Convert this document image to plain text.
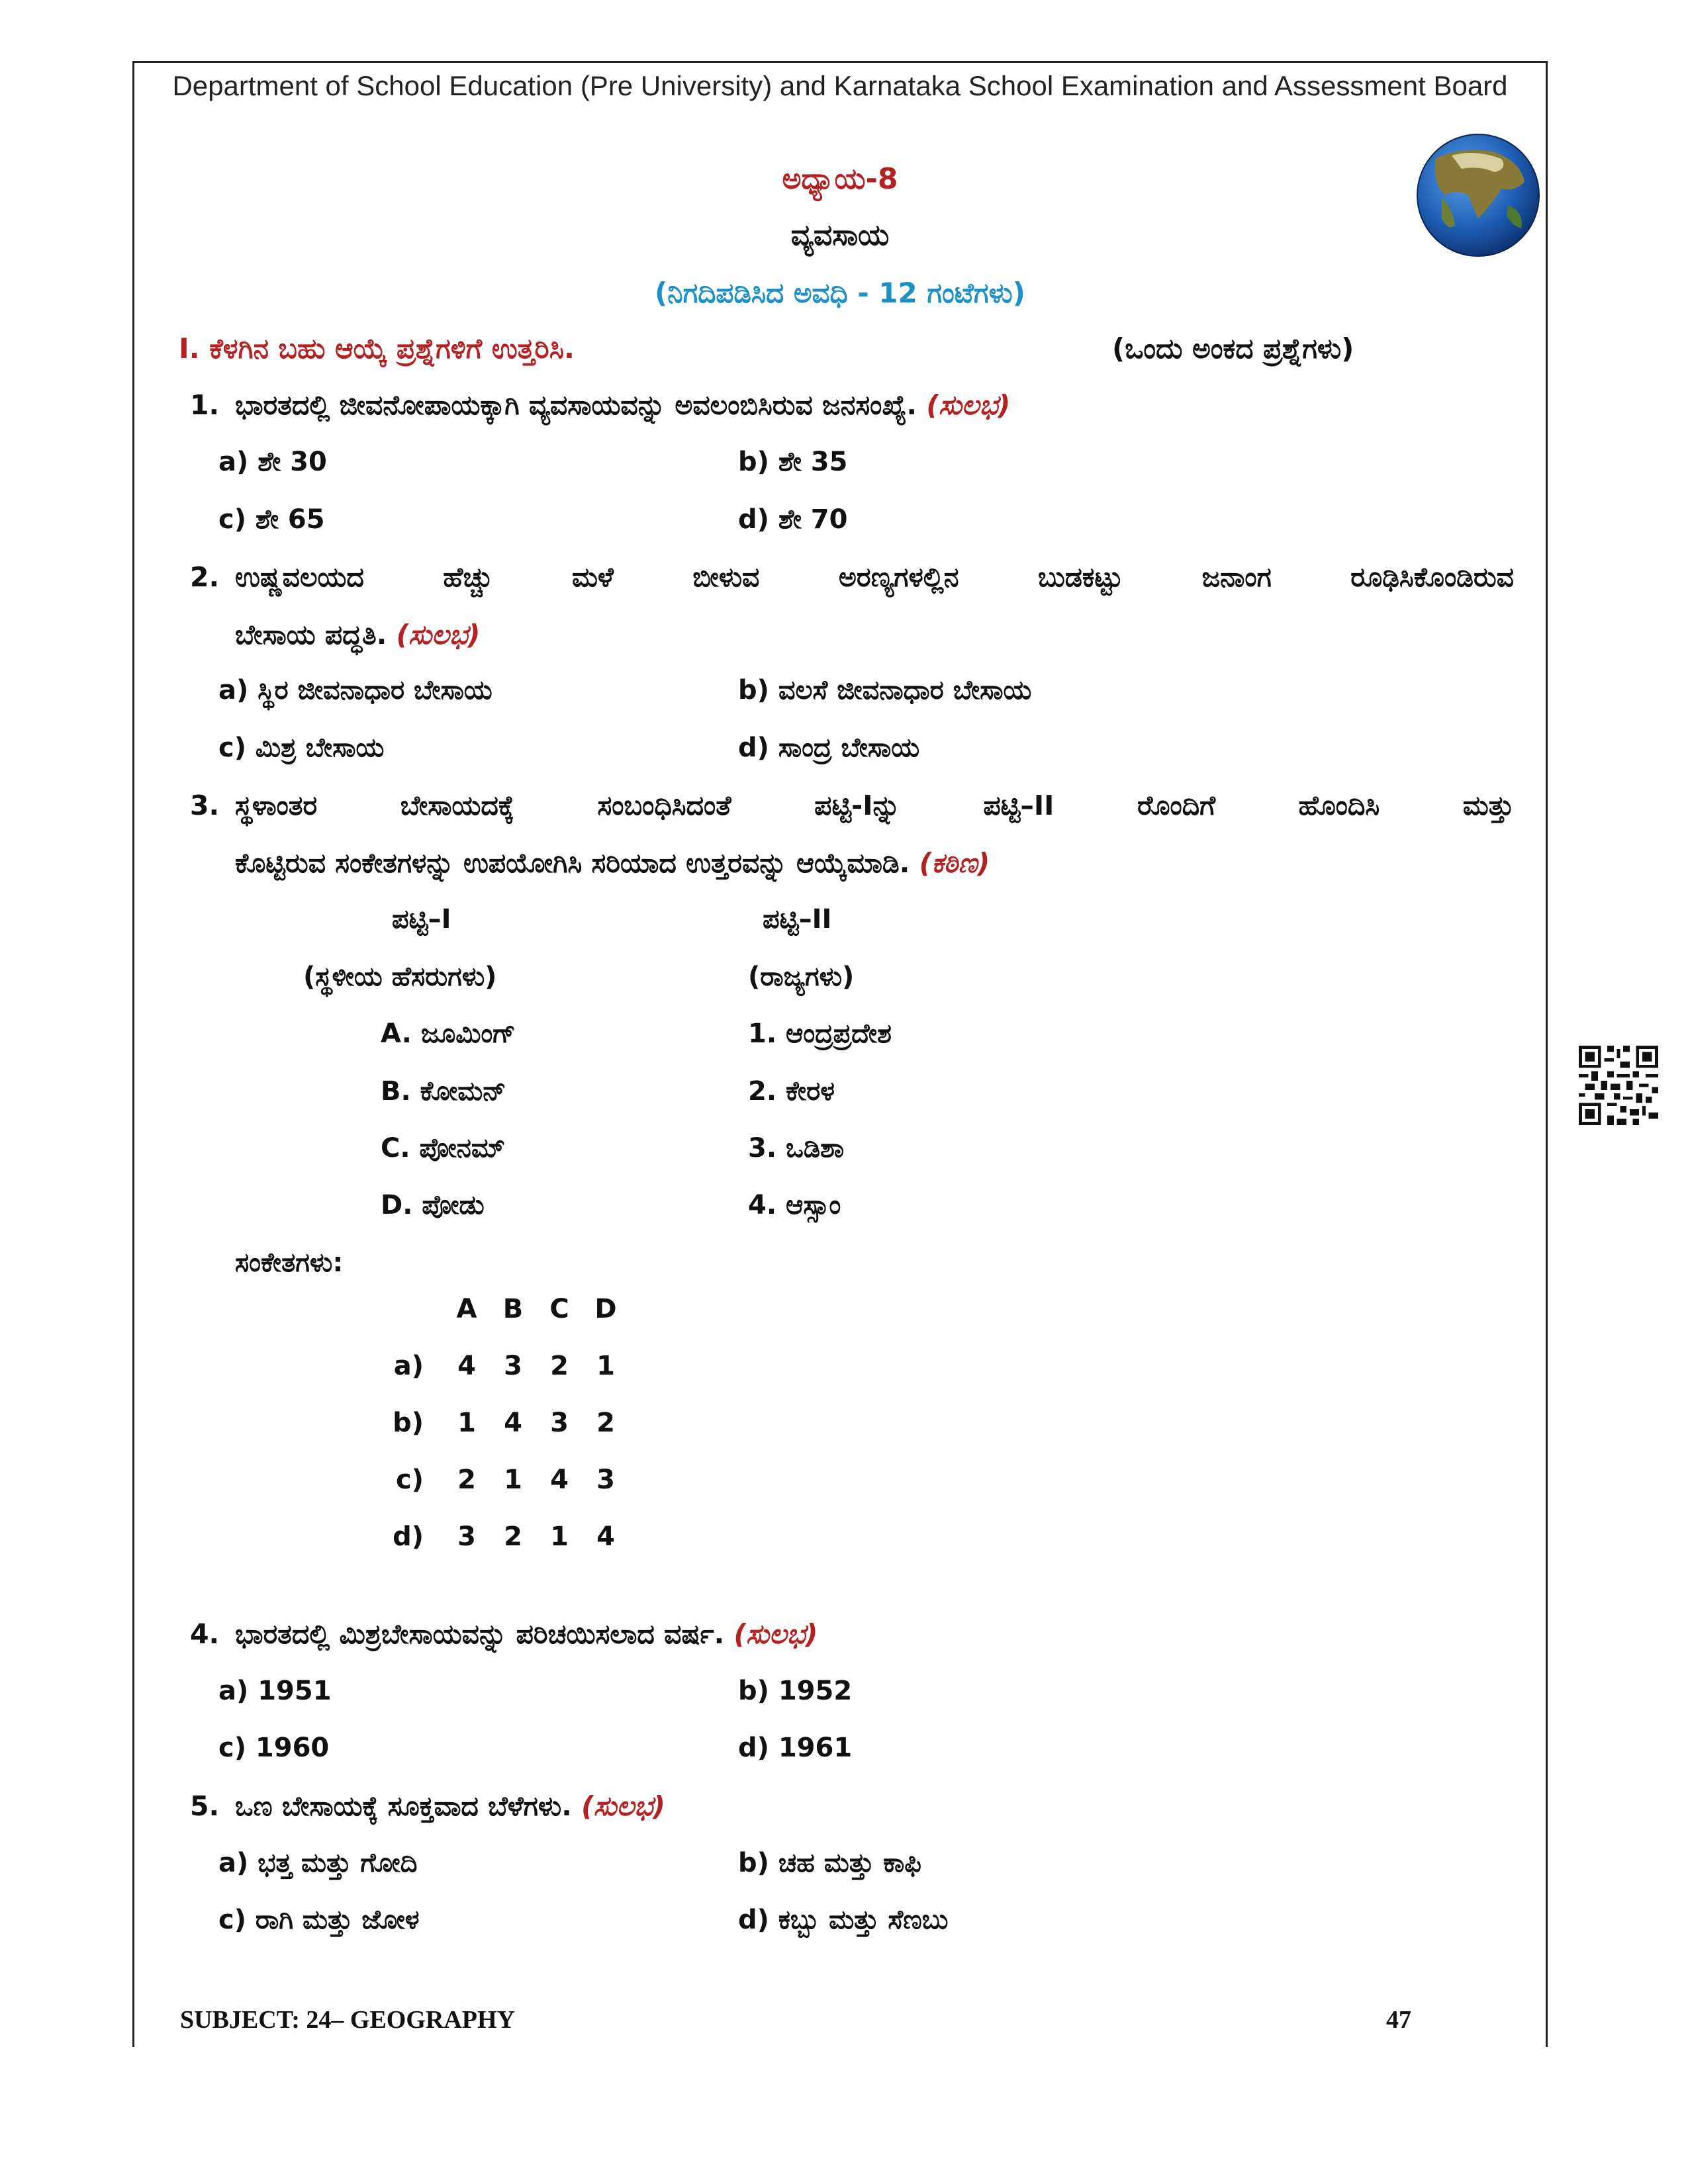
Department of School Education (Pre University) and Karnataka School Examination and Assessment Board
ಅಧ್ಯಾಯ-8
ವ್ಯವಸಾಯ
(ನಿಗದಿಪಡಿಸಿದ ಅವಧಿ - 12 ಗಂಟೆಗಳು)
I. ಕೆಳಗಿನ ಬಹು ಆಯ್ಕೆ ಪ್ರಶ್ನೆಗಳಿಗೆ ಉತ್ತರಿಸಿ.	(ಒಂದು ಅಂಕದ ಪ್ರಶ್ನೆಗಳು)
1. ಭಾರತದಲ್ಲಿ ಜೀವನೋಪಾಯಕ್ಕಾಗಿ ವ್ಯವಸಾಯವನ್ನು ಅವಲಂಬಿಸಿರುವ ಜನಸಂಖ್ಯೆ. (ಸುಲಭ)
a) ಶೇ 30	b) ಶೇ 35
c) ಶೇ 65	d) ಶೇ 70
2. ಉಷ್ಣವಲಯದ ಹೆಚ್ಚು ಮಳೆ ಬೀಳುವ ಅರಣ್ಯಗಳಲ್ಲಿನ ಬುಡಕಟ್ಟು ಜನಾಂಗ ರೂಢಿಸಿಕೊಂಡಿರುವ
ಬೇಸಾಯ ಪದ್ಧತಿ. (ಸುಲಭ)
a) ಸ್ಥಿರ ಜೀವನಾಧಾರ ಬೇಸಾಯ	b) ವಲಸೆ ಜೀವನಾಧಾರ ಬೇಸಾಯ
c) ಮಿಶ್ರ ಬೇಸಾಯ	d) ಸಾಂದ್ರ ಬೇಸಾಯ
3. ಸ್ಥಳಾಂತರ ಬೇಸಾಯದಕ್ಕೆ ಸಂಬಂಧಿಸಿದಂತೆ ಪಟ್ಟಿ-Iನ್ನು ಪಟ್ಟಿ–II ರೊಂದಿಗೆ ಹೊಂದಿಸಿ ಮತ್ತು
ಕೊಟ್ಟಿರುವ ಸಂಕೇತಗಳನ್ನು ಉಪಯೋಗಿಸಿ ಸರಿಯಾದ ಉತ್ತರವನ್ನು ಆಯ್ಕೆಮಾಡಿ. (ಕಠಿಣ)
ಪಟ್ಟಿ–I	ಪಟ್ಟಿ–II
(ಸ್ಥಳೀಯ ಹೆಸರುಗಳು)	(ರಾಜ್ಯಗಳು)
A. ಜೂಮಿಂಗ್	1. ಆಂದ್ರಪ್ರದೇಶ
B. ಕೋಮನ್	2. ಕೇರಳ
C. ಪೋನಮ್	3. ಒಡಿಶಾ
D. ಪೋಡು	4. ಆಸ್ಸಾಂ
ಸಂಕೇತಗಳು:
	A	B	C	D
a)	4	3	2	1
b)	1	4	3	2
c)	2	1	4	3
d)	3	2	1	4
4. ಭಾರತದಲ್ಲಿ ಮಿಶ್ರಬೇಸಾಯವನ್ನು ಪರಿಚಯಿಸಲಾದ ವರ್ಷ. (ಸುಲಭ)
a) 1951	b) 1952
c) 1960	d) 1961
5. ಒಣ ಬೇಸಾಯಕ್ಕೆ ಸೂಕ್ತವಾದ ಬೆಳೆಗಳು. (ಸುಲಭ)
a) ಭತ್ತ ಮತ್ತು ಗೋದಿ	b) ಚಹ ಮತ್ತು ಕಾಫಿ
c) ರಾಗಿ ಮತ್ತು ಜೋಳ	d) ಕಬ್ಬು ಮತ್ತು ಸೆಣಬು
SUBJECT: 24– GEOGRAPHY	47
